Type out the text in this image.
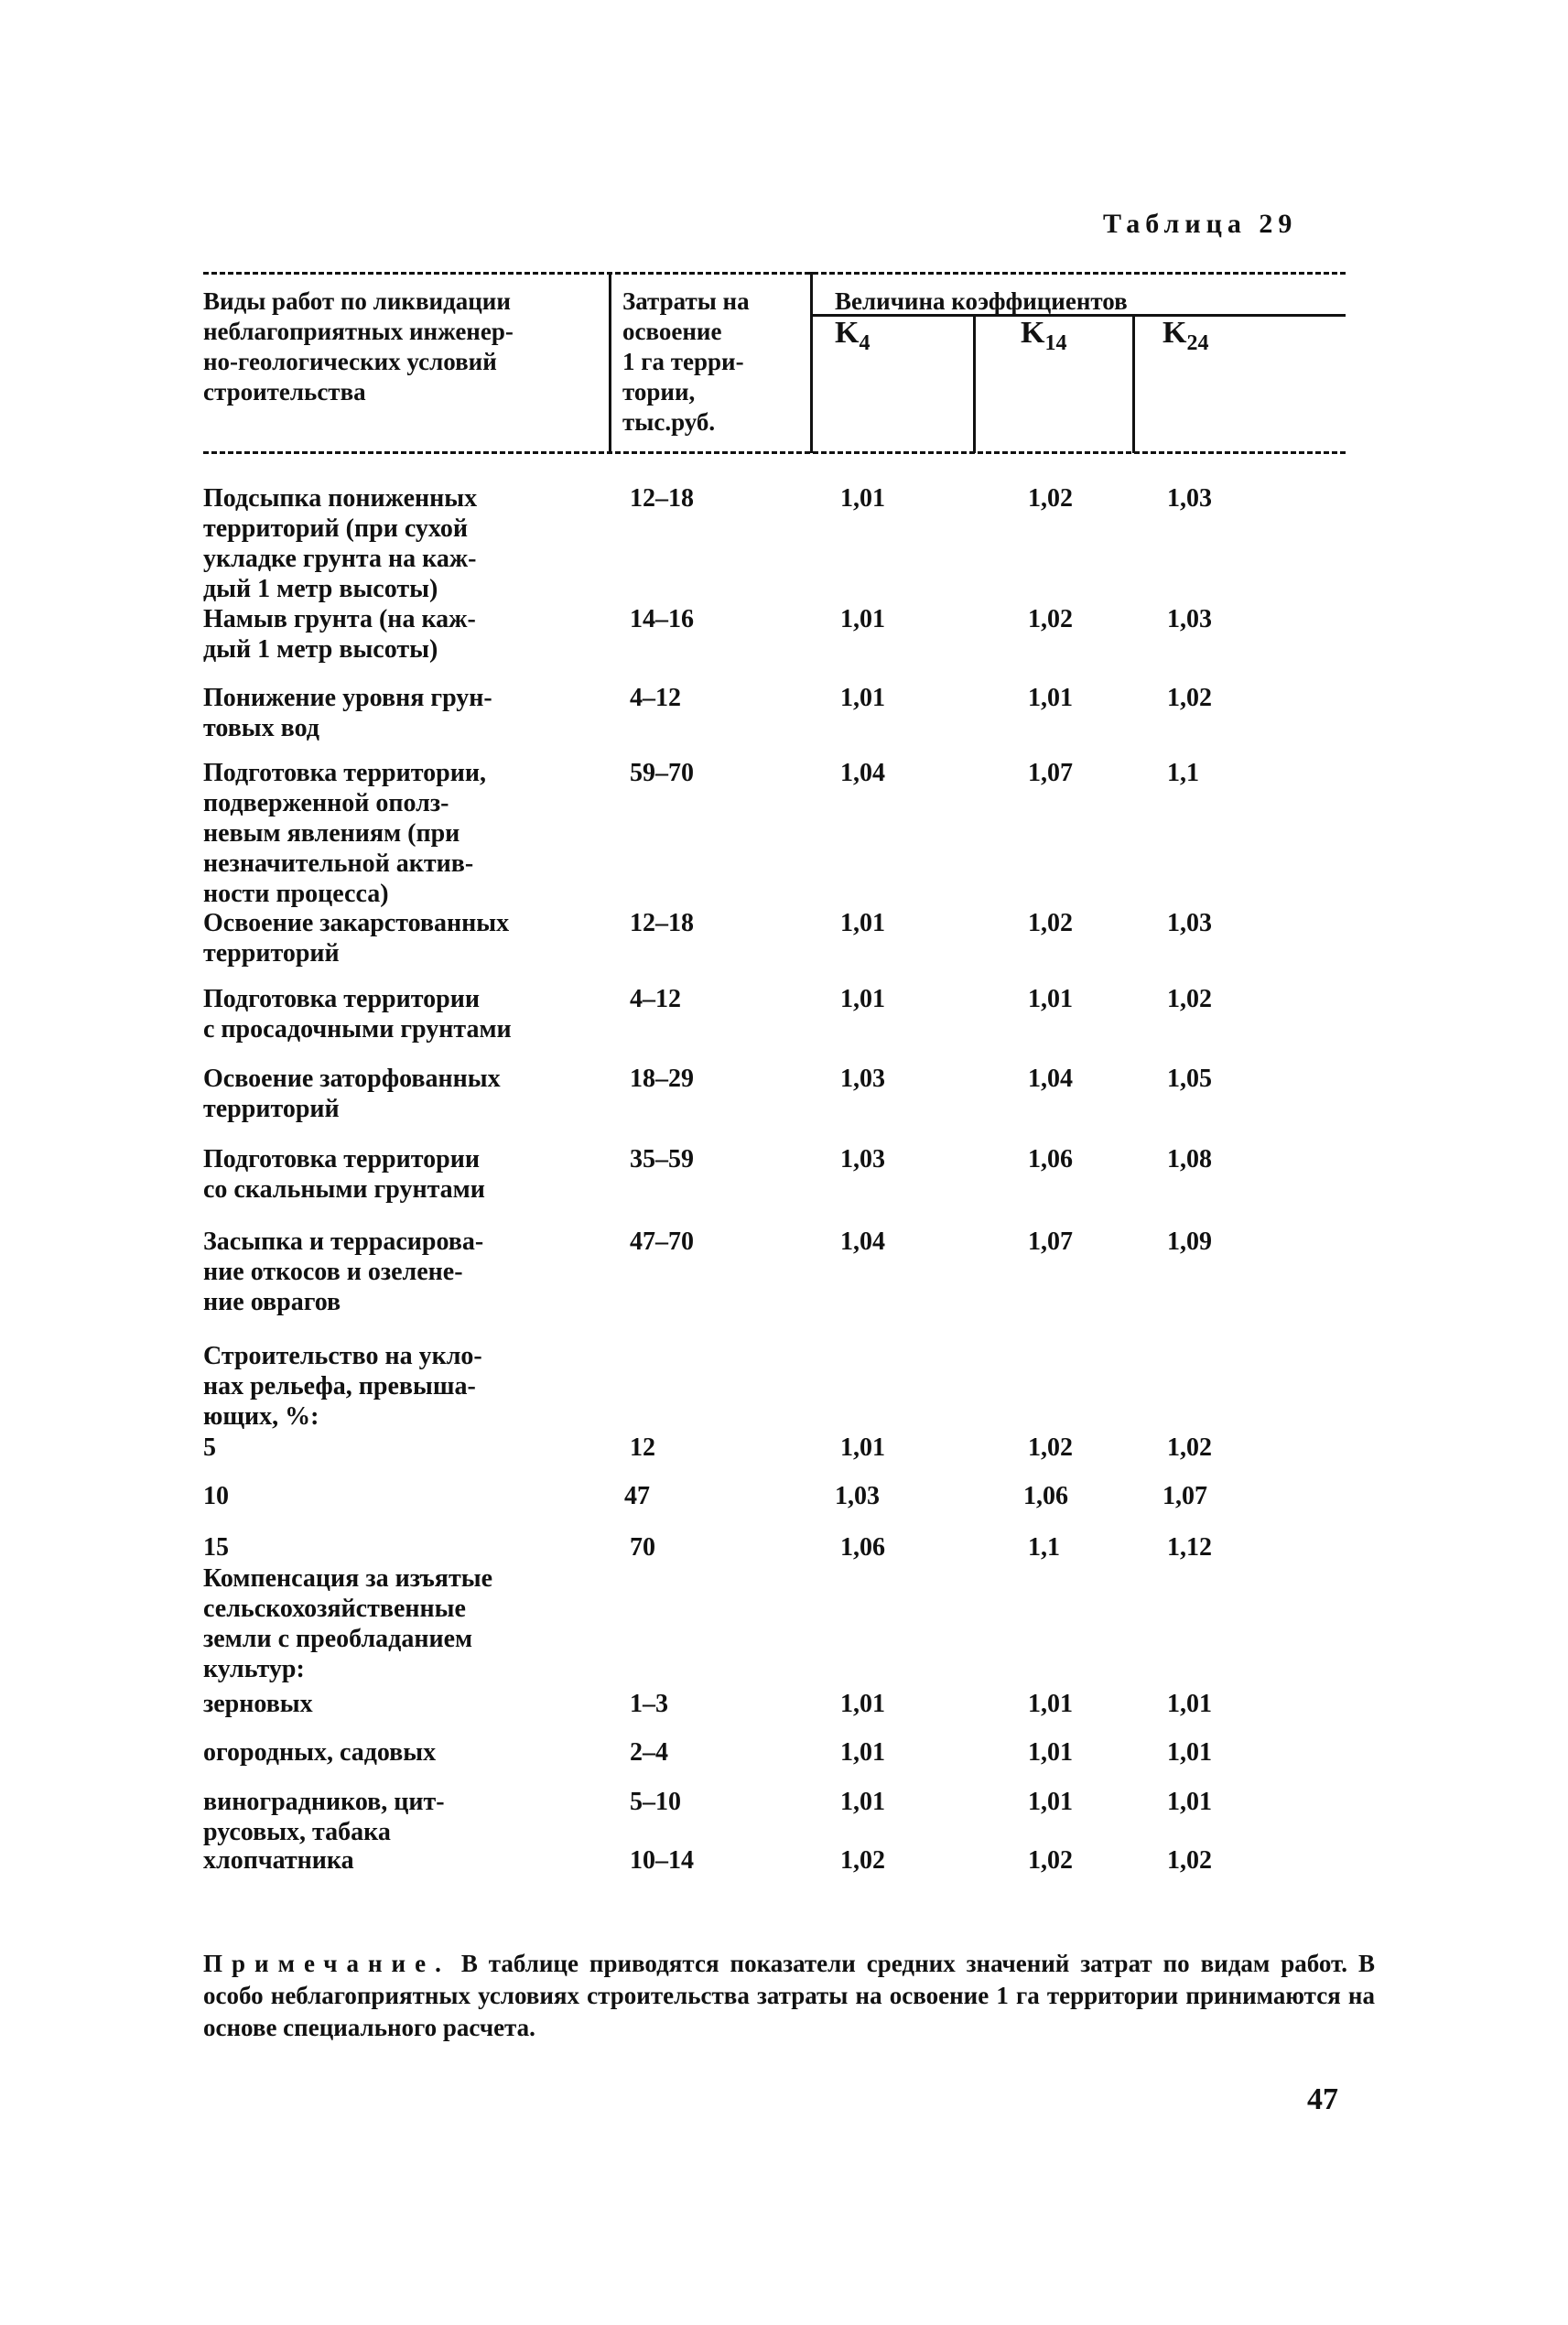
Таблица 29
Виды работ по ликвидации
неблагоприятных инженер-
но-геологических условий
строительства
Затраты на
освоение
1 га терри-
тории,
тыс.руб.
Величина коэффициентов
$K_4$	$K_{14}$	$K_{24}$
Подсыпка пониженных
территорий (при сухой
укладке грунта на каж-
дый 1 метр высоты)
12–18	1,01	1,02	1,03
Намыв грунта (на каж-
дый 1 метр высоты)
14–16	1,01	1,02	1,03
Понижение уровня грун-
товых вод
4–12	1,01	1,01	1,02
Подготовка территории,
подверженной ополз-
невым явлениям (при
незначительной актив-
ности процесса)
59–70	1,04	1,07	1,1
Освоение закарстованных
территорий
12–18	1,01	1,02	1,03
Подготовка территории
с просадочными грунтами
4–12	1,01	1,01	1,02
Освоение заторфованных
территорий
18–29	1,03	1,04	1,05
Подготовка территории
со скальными грунтами
35–59	1,03	1,06	1,08
Засыпка и террасирова-
ние откосов и озелене-
ние оврагов
47–70	1,04	1,07	1,09
Строительство на укло-
нах рельефа, превыша-
ющих, %:
5	12	1,01	1,02	1,02
10	47	1,03	1,06	1,07
15	70	1,06	1,1	1,12
Компенсация за изъятые
сельскохозяйственные
земли с преобладанием
культур:
зерновых	1–3	1,01	1,01	1,01
огородных, садовых	2–4	1,01	1,01	1,01
виноградников, цит-
русовых, табака
5–10	1,01	1,01	1,01
хлопчатника	10–14	1,02	1,02	1,02
Примечание. В таблице приводятся показатели средних значений затрат по видам работ. В особо неблагоприятных условиях строительства затраты на освоение 1 га территории принимаются на основе специального расчета.
47
